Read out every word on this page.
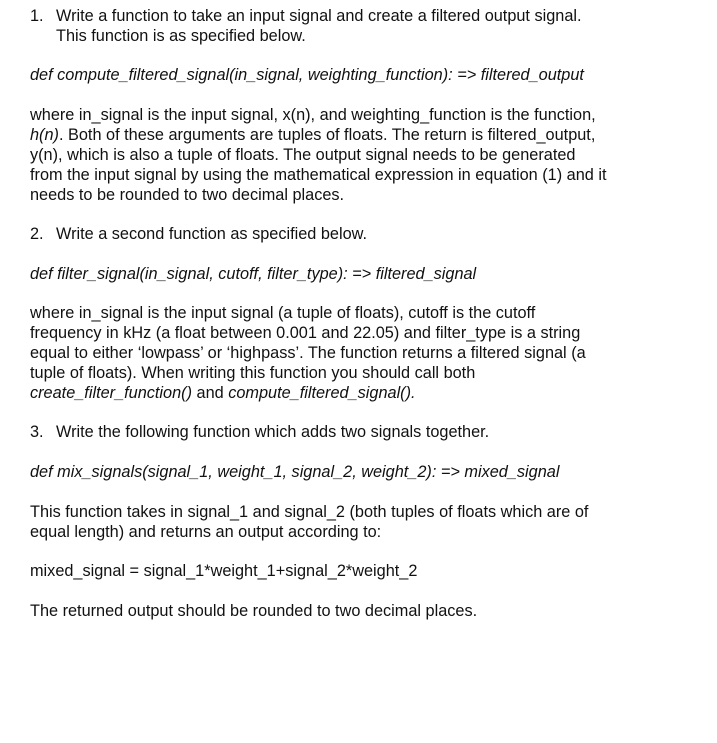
1. Write a function to take an input signal and create a filtered output signal.
This function is as specified below.
def compute_filtered_signal(in_signal, weighting_function): => filtered_output
where in_signal is the input signal, x(n), and weighting_function is the function,
h(n). Both of these arguments are tuples of floats. The return is filtered_output,
y(n), which is also a tuple of floats. The output signal needs to be generated
from the input signal by using the mathematical expression in equation (1) and it
needs to be rounded to two decimal places.
2. Write a second function as specified below.
def filter_signal(in_signal, cutoff, filter_type): => filtered_signal
where in_signal is the input signal (a tuple of floats), cutoff is the cutoff
frequency in kHz (a float between 0.001 and 22.05) and filter_type is a string
equal to either ‘lowpass’ or ‘highpass’. The function returns a filtered signal (a
tuple of floats). When writing this function you should call both
create_filter_function() and compute_filtered_signal().
3. Write the following function which adds two signals together.
def mix_signals(signal_1, weight_1, signal_2, weight_2): => mixed_signal
This function takes in signal_1 and signal_2 (both tuples of floats which are of
equal length) and returns an output according to:
mixed_signal = signal_1*weight_1+signal_2*weight_2
The returned output should be rounded to two decimal places.
